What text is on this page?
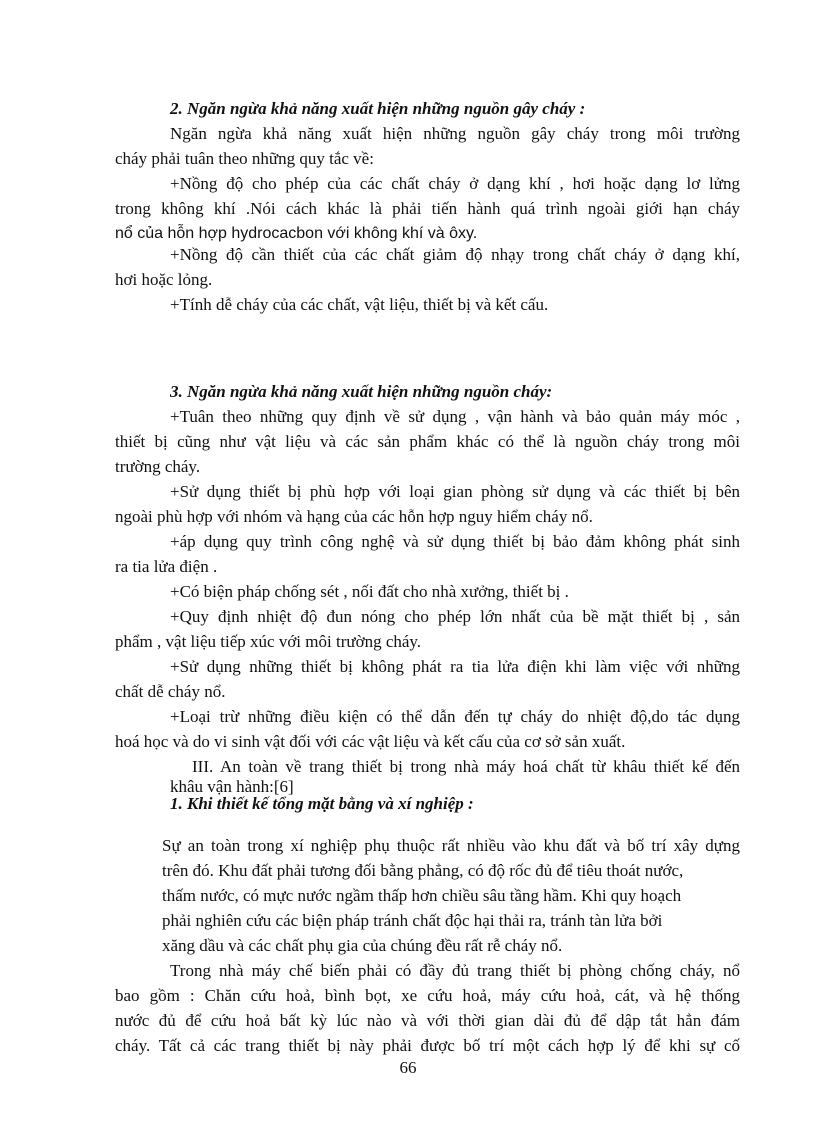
2. Ngăn ngừa khả năng xuất hiện những nguồn gây cháy :
Ngăn ngừa khả năng xuất hiện những nguồn gây cháy trong môi trường
cháy phải tuân theo những quy tắc về:
+Nồng độ cho phép của các chất cháy ở dạng khí , hơi hoặc dạng lơ lửng
trong không khí .Nói cách khác là phải tiến hành quá trình ngoài giới hạn cháy
nổ của hỗn hợp hydrocacbon với không khí và ôxy.
+Nồng độ cần thiết của các chất giảm độ nhạy trong chất cháy ở dạng khí,
hơi hoặc lỏng.
+Tính dễ cháy của các chất, vật liệu, thiết bị và kết cấu.
3. Ngăn ngừa khả năng xuất hiện những nguồn cháy:
+Tuân theo những quy định về sử dụng , vận hành và bảo quản máy móc ,
thiết bị cũng như vật liệu và các sản phẩm khác có thể là nguồn cháy trong môi
trường cháy.
+Sử dụng thiết bị phù hợp với loại gian phòng sử dụng và các thiết bị bên
ngoài phù hợp với nhóm và hạng của các hỗn hợp nguy hiểm cháy nổ.
+áp dụng quy trình công nghệ và sử dụng thiết bị bảo đảm không phát sinh
ra tia lửa điện .
+Có biện pháp chống sét , nối đất cho nhà xưởng, thiết bị .
+Quy định nhiệt độ đun nóng cho phép lớn nhất của bề mặt thiết bị , sản
phẩm , vật liệu tiếp xúc với môi trường cháy.
+Sử dụng những thiết bị không phát ra tia lửa điện khi làm việc với những
chất dễ cháy nổ.
+Loại trừ những điều kiện có thể dẫn đến tự cháy do nhiệt độ,do tác dụng
hoá học và do vi sinh vật đối với các vật liệu và kết cấu của cơ sở sản xuất.
III. An toàn về trang thiết bị trong nhà máy hoá chất từ khâu thiết kế đến
khâu vận hành:[6]
1. Khi thiết kế tổng mặt bằng và xí nghiệp :
Sự an toàn trong xí nghiệp phụ thuộc rất nhiều vào khu đất và bố trí xây dựng
trên đó. Khu đất phải tương đối bằng phẳng, có độ rốc đủ để tiêu thoát nước,
thấm nước, có mực nước ngầm thấp hơn chiều sâu tầng hầm. Khi quy hoạch
phải nghiên cứu các biện pháp tránh chất độc hại thải ra, tránh tàn lửa bởi
xăng dầu và các chất phụ gia của chúng đều rất rễ cháy nổ.
Trong nhà máy chế biến phải có đầy đủ trang thiết bị phòng chống cháy, nổ
bao gồm : Chăn cứu hoả, bình bọt, xe cứu hoả, máy cứu hoả, cát, và hệ thống
nước đủ để cứu hoả bất kỳ lúc nào và với thời gian dài đủ để dập tắt hẳn đám
cháy. Tất cả các trang thiết bị này phải được bố trí một cách hợp lý để khi sự cố
66
